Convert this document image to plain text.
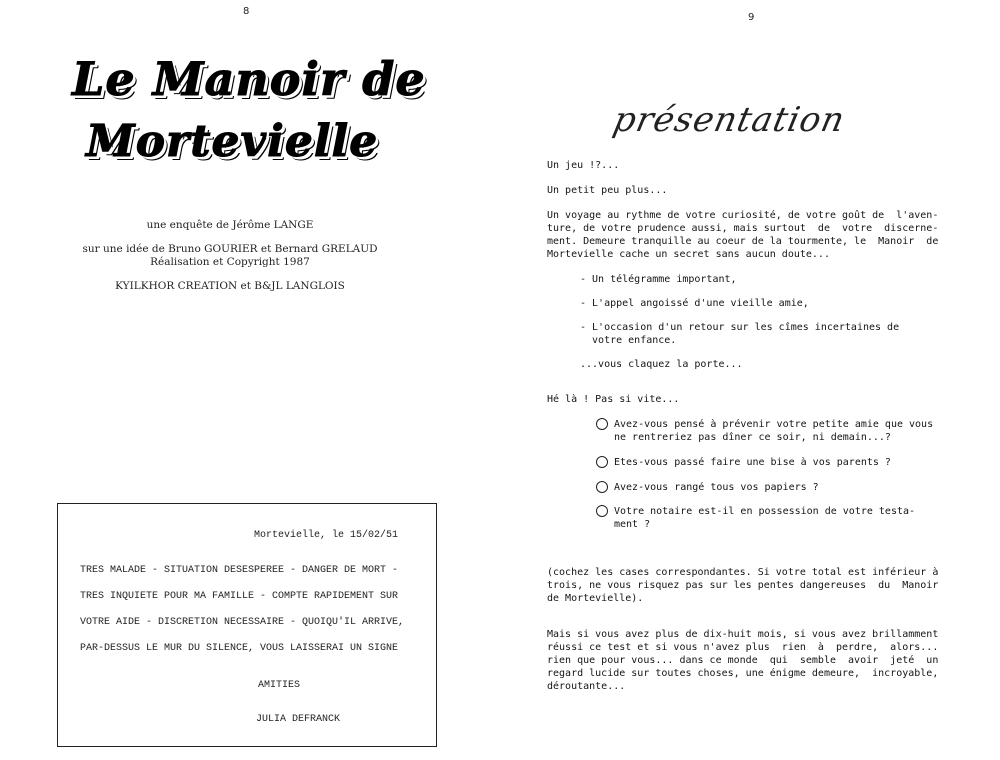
8
Le Manoir de
Mortevielle
une enquête de Jérôme LANGE
sur une idée de Bruno GOURIER et Bernard GRELAUD
Réalisation et Copyright 1987
KYILKHOR CREATION et B&JL LANGLOIS
Mortevielle, le 15/02/51
TRES MALADE - SITUATION DESESPEREE - DANGER DE MORT -
TRES INQUIETE POUR MA FAMILLE - COMPTE RAPIDEMENT SUR
VOTRE AIDE - DISCRETION NECESSAIRE - QUOIQU'IL ARRIVE,
PAR-DESSUS LE MUR DU SILENCE, VOUS LAISSERAI UN SIGNE
AMITIES
JULIA DEFRANCK
9
présentation
Un jeu !?...
Un petit peu plus...
Un voyage au rythme de votre curiosité, de votre goût de  l'aven-
ture, de votre prudence aussi, mais surtout  de  votre  discerne-
ment. Demeure tranquille au coeur de la tourmente, le  Manoir  de
Mortevielle cache un secret sans aucun doute...
- Un télégramme important,
- L'appel angoissé d'une vieille amie,
- L'occasion d'un retour sur les cîmes incertaines de
votre enfance.
...vous claquez la porte...
Hé là ! Pas si vite...
Avez-vous pensé à prévenir votre petite amie que vous
ne rentreriez pas dîner ce soir, ni demain...?
Etes-vous passé faire une bise à vos parents ?
Avez-vous rangé tous vos papiers ?
Votre notaire est-il en possession de votre testa-
ment ?
(cochez les cases correspondantes. Si votre total est inférieur à
trois, ne vous risquez pas sur les pentes dangereuses  du  Manoir
de Mortevielle).
Mais si vous avez plus de dix-huit mois, si vous avez brillamment
réussi ce test et si vous n'avez plus  rien  à  perdre,  alors...
rien que pour vous... dans ce monde  qui  semble  avoir  jeté  un
regard lucide sur toutes choses, une énigme demeure,  incroyable,
déroutante...
